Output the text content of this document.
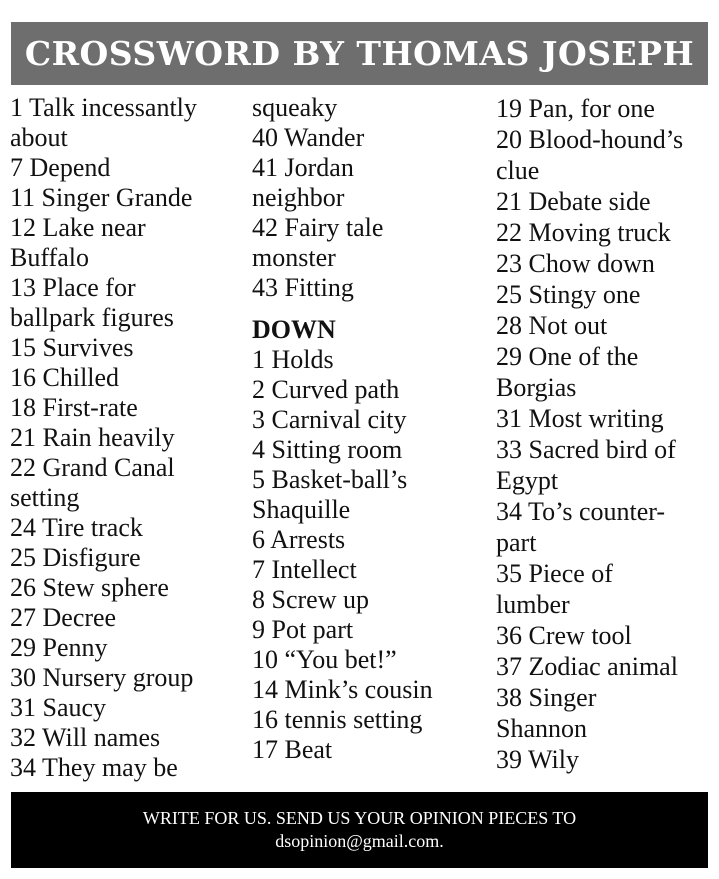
CROSSWORD BY THOMAS JOSEPH
1 Talk incessantly
about
7 Depend
11 Singer Grande
12 Lake near
Buffalo
13 Place for
ballpark figures
15 Survives
16 Chilled
18 First-rate
21 Rain heavily
22 Grand Canal
setting
24 Tire track
25 Disfigure
26 Stew sphere
27 Decree
29 Penny
30 Nursery group
31 Saucy
32 Will names
34 They may be
squeaky
40 Wander
41 Jordan
neighbor
42 Fairy tale
monster
43 Fitting
DOWN
1 Holds
2 Curved path
3 Carnival city
4 Sitting room
5 Basket-ball’s
Shaquille
6 Arrests
7 Intellect
8 Screw up
9 Pot part
10 “You bet!”
14 Mink’s cousin
16 tennis setting
17 Beat
19 Pan, for one
20 Blood-hound’s
clue
21 Debate side
22 Moving truck
23 Chow down
25 Stingy one
28 Not out
29 One of the
Borgias
31 Most writing
33 Sacred bird of
Egypt
34 To’s counter-
part
35 Piece of
lumber
36 Crew tool
37 Zodiac animal
38 Singer
Shannon
39 Wily
WRITE FOR US. SEND US YOUR OPINION PIECES TO
dsopinion@gmail.com.
